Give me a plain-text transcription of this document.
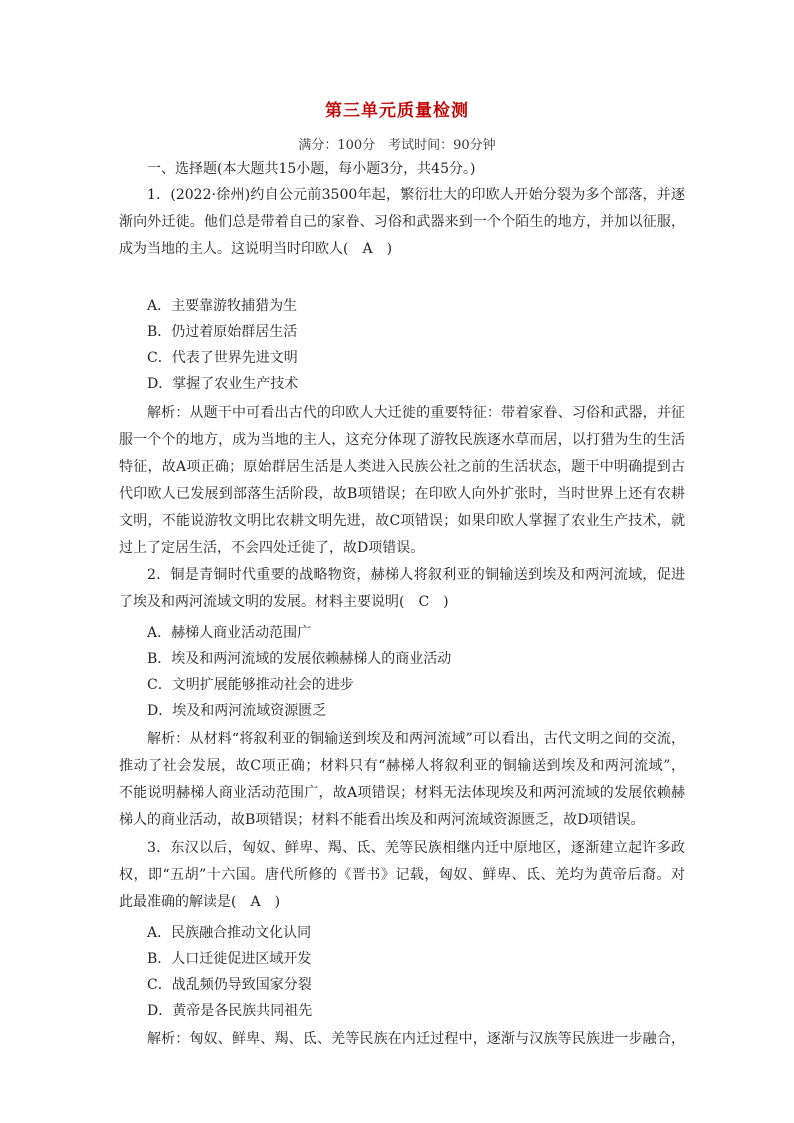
第三单元质量检测
满分：100分　考试时间：90分钟
一、选择题(本大题共15小题，每小题3分，共45分。)
1．(2022·徐州)约自公元前3500年起，繁衍壮大的印欧人开始分裂为多个部落，并逐
渐向外迁徙。他们总是带着自己的家眷、习俗和武器来到一个个陌生的地方，并加以征服，
成为当地的主人。这说明当时印欧人(　A　)
A．主要靠游牧捕猎为生
B．仍过着原始群居生活
C．代表了世界先进文明
D．掌握了农业生产技术
解析：从题干中可看出古代的印欧人大迁徙的重要特征：带着家眷、习俗和武器，并征
服一个个的地方，成为当地的主人，这充分体现了游牧民族逐水草而居，以打猎为生的生活
特征，故A项正确；原始群居生活是人类进入民族公社之前的生活状态，题干中明确提到古
代印欧人已发展到部落生活阶段，故B项错误；在印欧人向外扩张时，当时世界上还有农耕
文明，不能说游牧文明比农耕文明先进，故C项错误；如果印欧人掌握了农业生产技术，就
过上了定居生活，不会四处迁徙了，故D项错误。
2．铜是青铜时代重要的战略物资，赫梯人将叙利亚的铜输送到埃及和两河流域，促进
了埃及和两河流域文明的发展。材料主要说明(　C　)
A．赫梯人商业活动范围广
B．埃及和两河流域的发展依赖赫梯人的商业活动
C．文明扩展能够推动社会的进步
D．埃及和两河流域资源匮乏
解析：从材料“将叙利亚的铜输送到埃及和两河流域”可以看出，古代文明之间的交流，
推动了社会发展，故C项正确；材料只有“赫梯人将叙利亚的铜输送到埃及和两河流域”，
不能说明赫梯人商业活动范围广，故A项错误；材料无法体现埃及和两河流域的发展依赖赫
梯人的商业活动，故B项错误；材料不能看出埃及和两河流域资源匮乏，故D项错误。
3．东汉以后，匈奴、鲜卑、羯、氐、羌等民族相继内迁中原地区，逐渐建立起许多政
权，即“五胡”十六国。唐代所修的《晋书》记载，匈奴、鲜卑、氐、羌均为黄帝后裔。对
此最准确的解读是(　A　)
A．民族融合推动文化认同
B．人口迁徙促进区域开发
C．战乱频仍导致国家分裂
D．黄帝是各民族共同祖先
解析：匈奴、鲜卑、羯、氐、羌等民族在内迁过程中，逐渐与汉族等民族进一步融合，
